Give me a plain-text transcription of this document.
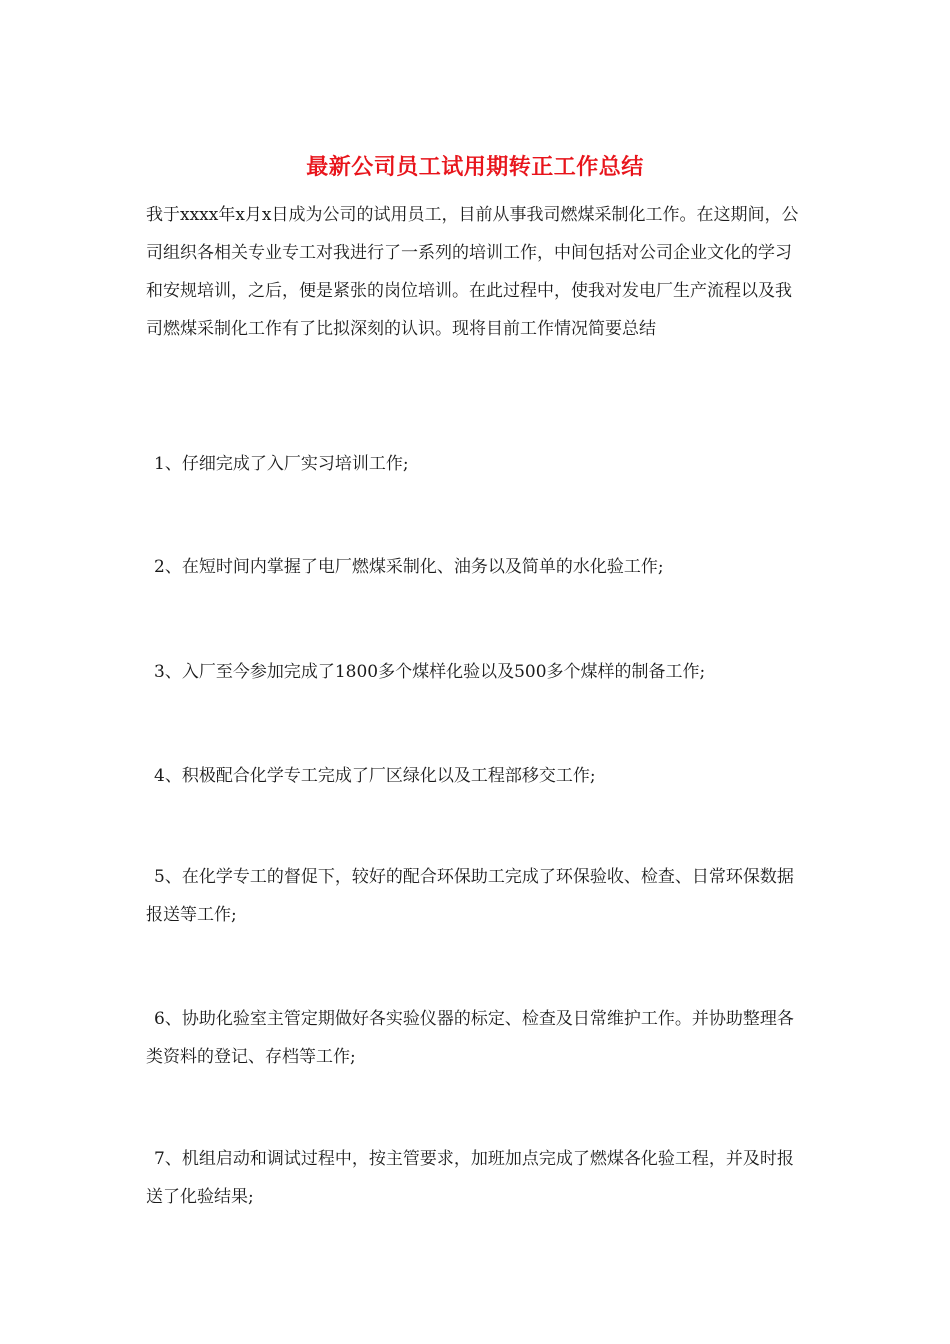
最新公司员工试用期转正工作总结

我于xxxx年x月x日成为公司的试用员工，目前从事我司燃煤采制化工作。在这期间，公司组织各相关专业专工对我进行了一系列的培训工作，中间包括对公司企业文化的学习和安规培训，之后，便是紧张的岗位培训。在此过程中，使我对发电厂生产流程以及我司燃煤采制化工作有了比拟深刻的认识。现将目前工作情况简要总结

1、仔细完成了入厂实习培训工作;

2、在短时间内掌握了电厂燃煤采制化、油务以及简单的水化验工作;

3、入厂至今参加完成了1800多个煤样化验以及500多个煤样的制备工作;

4、积极配合化学专工完成了厂区绿化以及工程部移交工作;

5、在化学专工的督促下，较好的配合环保助工完成了环保验收、检查、日常环保数据报送等工作;

6、协助化验室主管定期做好各实验仪器的标定、检查及日常维护工作。并协助整理各类资料的登记、存档等工作;

7、机组启动和调试过程中，按主管要求，加班加点完成了燃煤各化验工程，并及时报送了化验结果;
